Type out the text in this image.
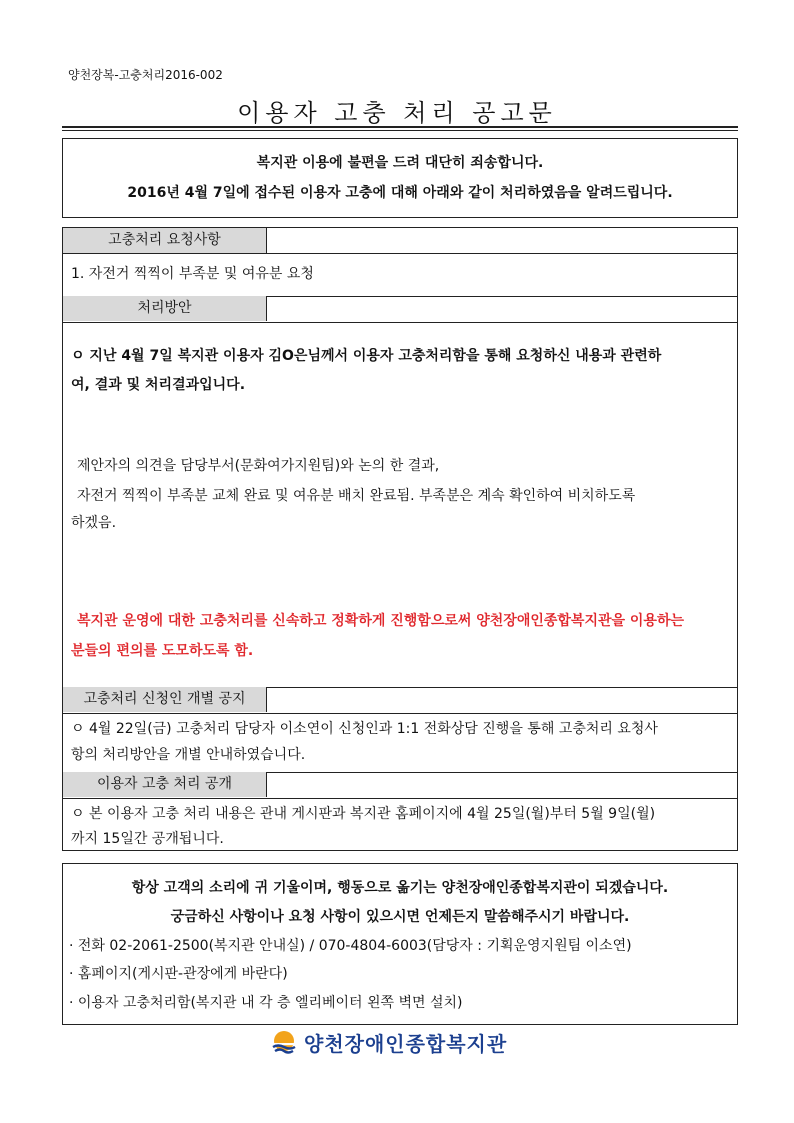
양천장복-고충처리2016-002
이용자 고충 처리 공고문
복지관 이용에 불편을 드려 대단히 죄송합니다.
2016년 4월 7일에 접수된 이용자 고충에 대해 아래와 같이 처리하였음을 알려드립니다.
고충처리 요청사항
1. 자전거 찍찍이 부족분 및 여유분 요청
처리방안
ㅇ 지난 4월 7일 복지관 이용자 김O은님께서 이용자 고충처리함을 통해 요청하신 내용과 관련하
여, 결과 및 처리결과입니다.
제안자의 의견을 담당부서(문화여가지원팀)와 논의 한 결과,
자전거 찍찍이 부족분 교체 완료 및 여유분 배치 완료됨. 부족분은 계속 확인하여 비치하도록
하겠음.
복지관 운영에 대한 고충처리를 신속하고 정확하게 진행함으로써 양천장애인종합복지관을 이용하는
분들의 편의를 도모하도록 함.
고충처리 신청인 개별 공지
ㅇ 4월 22일(금) 고충처리 담당자 이소연이 신청인과 1:1 전화상담 진행을 통해 고충처리 요청사
항의 처리방안을 개별 안내하였습니다.
이용자 고충 처리 공개
ㅇ 본 이용자 고충 처리 내용은 관내 게시판과 복지관 홈페이지에 4월 25일(월)부터 5월 9일(월)
까지 15일간 공개됩니다.
항상 고객의 소리에 귀 기울이며, 행동으로 옮기는 양천장애인종합복지관이 되겠습니다.
궁금하신 사항이나 요청 사항이 있으시면 언제든지 말씀해주시기 바랍니다.
· 전화 02-2061-2500(복지관 안내실) / 070-4804-6003(담당자 : 기획운영지원팀 이소연)
· 홈페이지(게시판-관장에게 바란다)
· 이용자 고충처리함(복지관 내 각 층 엘리베이터 왼쪽 벽면 설치)
양천장애인종합복지관
